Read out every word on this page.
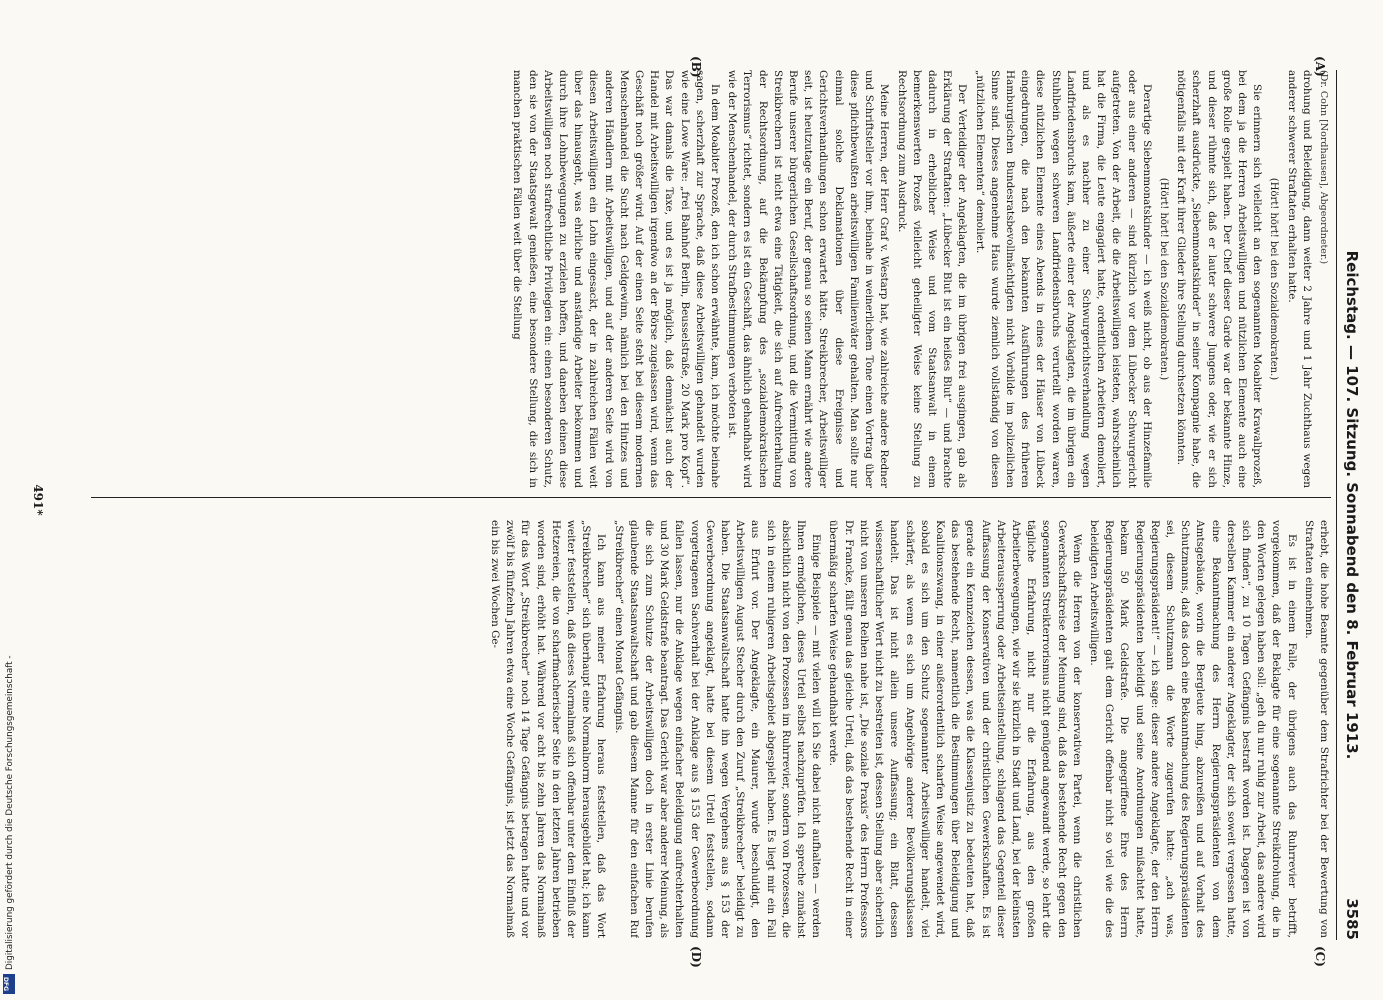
Reichstag. — 107. Sitzung. Sonnabend den 8. Februar 1913.
3585
(A)
(B)
(C)
(D)

(Dr. Cohn [Nordhausen], Abgeordneter.)

drohung und Beleidigung, dann weiter 2 Jahre und 1 Jahr Zuchthaus wegen anderer schwerer Straftaten erhalten hatte.

(Hört! hört! bei den Sozialdemokraten.)

Sie erinnern sich vielleicht an den sogenannten Moabiter Krawallprozeß, bei dem ja die Herren Arbeitswilligen und nützlichen Elemente auch eine große Rolle gespielt haben. Der Chef dieser Garde war der bekannte Hinze, und dieser rühmte sich, daß er lauter schwere Jungens oder, wie er sich scherzhaft ausdrückte, „Siebenmonatskinder“ in seiner Kompagnie habe, die nötigenfalls mit der Kraft ihrer Glieder ihre Stellung durchsetzen könnten.

(Hört! hört! bei den Sozialdemokraten.)

Derartige Siebenmonatskinder — ich weiß nicht, ob aus der Hinzefamilie oder aus einer anderen — sind kürzlich vor dem Lübecker Schwurgericht aufgetreten. Von der Arbeit, die die Arbeitswilligen leisteten, wahrscheinlich hat die Firma, die Leute engagiert hatte, ordentlichen Arbeitern demoliert, und als es nachher zu einer Schwurgerichtsverhandlung wegen Landfriedensbruchs kam, äußerte einer der Angeklagten, die im übrigen ein Stuhlbein wegen schweren Landfriedensbruchs verurteilt worden waren, diese nützlichen Elemente eines Abends in eines der Häuser von Lübeck eingedrungen, die nach den bekannten Ausführungen des früheren Hamburgischen Bundesratsbevollmächtigten nicht Vorbilde im polizeilichen Sinne sind. Dieses angenehme Haus wurde ziemlich vollständig von diesen „nützlichen Elementen“ demoliert.

Der Verteidiger der Angeklagten, die im übrigen frei ausgingen, gab als Erklärung der Straftaten: „Lübecker Blut ist ein heißes Blut“ — und brachte dadurch in erheblicher Weise und vom Staatsanwalt in einem bemerkenswerten Prozeß vielleicht geheiligter Weise keine Stellung zu Rechtsordnung zum Ausdruck.

Meine Herren, der Herr Graf v. Westarp hat, wie zahlreiche andere Redner und Schriftsteller vor ihm, beinahe in weinerlichem Tone einen Vortrag über diese pflichtbewußten arbeitswilligen Familienväter gehalten. Man sollte nur einmal solche Deklamationen über diese Ereignisse und Gerichtsverhandlungen schon erwartet hätte. Streikbrecher, Arbeitswilliger seit, ist heutzutage ein Beruf, der genau so seinen Mann ernährt wie andere Berufe unserer bürgerlichen Gesellschaftsordnung, und die Vermittlung von Streikbrechern ist nicht etwa eine Tätigkeit, die sich auf Aufrechterhaltung der Rechtsordnung, auf die Bekämpfung des „sozialdemokratischen Terrorismus“ richtet, sondern es ist ein Geschäft, das ähnlich gehandhabt wird wie der Menschenhandel, der durch Strafbestimmungen verboten ist.

In dem Moabiter Prozeß, den ich schon erwähnte, kam, ich möchte beinahe sagen, scherzhaft zur Sprache, daß diese Arbeitswilligen gehandelt wurden wie eine Lowe Ware: „frei Bahnhof Berlin, Beusselstraße, 20 Mark pro Kopf“. Das war damals die Taxe, und es ist ja möglich, daß demnächst auch der Handel mit Arbeitswilligen irgendwo an der Börse zugelassen wird, wenn das Geschäft noch größer wird. Auf der einen Seite steht bei diesem modernen Menschenhandel die Sucht nach Geldgewinn, nämlich bei den Hintzes und anderen Händlern mit Arbeitswilligen, und auf der anderen Seite wird von diesen Arbeitswilligen ein Lohn eingesackt, der in zahlreichen Fällen weit über das hinausgeht, was ehrliche und anständige Arbeiter bekommen und durch ihre Lohnbewegungen zu erzielen hoffen, und daneben deinen diese Arbeitswilligen noch strafrechtliche Privilegien ein: einen besonderen Schutz, den sie von der Staatsgewalt genießen, eine besondere Stellung, die sich in manchen praktischen Fällen weit über die Stellung

erhebt, die hohe Beamte gegenüber dem Strafrichter bei der Bewertung von Straftaten einnehmen.

Es ist in einem Falle, der übrigens auch das Ruhrrevier betrifft, vorgekommen, daß der Beklagte für eine sogenannte Streikdrohung, die in den Worten gelegen haben soll: „geh du nur ruhig zur Arbeit, das andere wird sich finden“, zu 10 Tagen Gefängnis bestraft worden ist. Dagegen ist von derselben Kammer ein anderer Angeklagter, der sich soweit vergessen hatte, eine Bekanntmachung des Herrn Regierungspräsidenten von dem Amtsgebäude, worin die Bergleute hing, abzureißen und auf Vorhalt des Schutzmanns, daß das doch eine Bekanntmachung des Regierungspräsidenten sei, diesem Schutzmann die Worte zugerufen hatte: „ach was, Regierungspräsident!“ — ich sage: dieser andere Angeklagte, der den Herrn Regierungspräsidenten beleidigt und seine Anordnungen mißachtet hatte, bekam 50 Mark Geldstrafe. Die angegriffene Ehre des Herrn Regierungspräsidenten galt dem Gericht offenbar nicht so viel wie die des beleidigten Arbeitswilligen.

Wenn die Herren von der konservativen Partei, wenn die christlichen Gewerkschaftskreise der Meinung sind, daß das bestehende Recht gegen den sogenannten Streikterrorismus nicht genügend angewandt werde, so lehrt die tägliche Erfahrung, nicht nur die Erfahrung, aus den großen Arbeiterbewegungen, wie wir sie kürzlich in Stadt und Land, bei der kleinsten Arbeiteraussperrung oder Arbeitseinstellung, schlagend das Gegenteil dieser Auffassung der Konservativen und der christlichen Gewerkschaften. Es ist gerade ein Kennzeichen dessen, was die Klassenjustiz zu bedeuten hat, daß das bestehende Recht, namentlich die Bestimmungen über Beleidigung und Koalitionszwang, in einer außerordentlich scharfen Weise angewendet wird, sobald es sich um den Schutz sogenannter Arbeitswilliger handelt, viel schärfer, als wenn es sich um Angehörige anderer Bevölkerungsklassen handelt. Das ist nicht allein unsere Auffassung; ein Blatt, dessen wissenschaftlicher Wert nicht zu bestreiten ist, dessen Stellung aber sicherlich nicht von unseren Reihen nahe ist, „Die soziale Praxis“ des Herrn Professors Dr. Francke, fällt genau das gleiche Urteil, daß das bestehende Recht in einer übermäßig scharfen Weise gehandhabt werde.

Einige Beispiele — mit vielen will ich Sie dabei nicht aufhalten — werden Ihnen ermöglichen, dieses Urteil selbst nachzuprüfen. Ich spreche zunächst absichtlich nicht von den Prozessen im Ruhrrevier, sondern von Prozessen, die sich in einem ruhigeren Arbeitsgebiet abgespielt haben. Es liegt mir ein Fall aus Erfurt vor. Der Angeklagte, ein Maurer, wurde beschuldigt, den Arbeitswilligen August Stecher durch den Zuruf „Streikbrecher“ beleidigt zu haben. Die Staatsanwaltschaft hatte ihn wegen Vergehens aus § 153 der Gewerbeordnung angeklagt, hatte bei diesem Urteil feststellen, sodann vorgetragenen Sachverhalt bei der Anklage aus § 153 der Gewerbeordnung fallen lassen, nur die Anklage wegen einfacher Beleidigung aufrechterhalten und 30 Mark Geldstrafe beantragt. Das Gericht war aber anderer Meinung, als die sich zum Schutze der Arbeitswilligen doch in erster Linie berufen glaubende Staatsanwaltschaft und gab diesem Manne für den einfachen Ruf „Streikbrecher“ einen Monat Gefängnis.

Ich kann aus meiner Erfahrung heraus feststellen, daß das Wort „Streikbrecher“ sich überhaupt eine Normalnorm herausgebildet hat; ich kann weiter feststellen, daß dieses Normalmaß sich offenbar unter dem Einfluß der Hetzereien, die von scharfmacherischer Seite in den letzten Jahren betrieben worden sind, erhöht hat. Während vor acht bis zehn Jahren das Normalmaß für das Wort „Streikbrecher“ noch 14 Tage Gefängnis betragen hatte und vor zwölf bis fünfzehn Jahren etwa eine Woche Gefängnis, ist jetzt das Normalmaß ein bis zwei Wochen Ge-

491*
Digitalisierung gefördert durch die Deutsche Forschungsgemeinschaft -
DFG
